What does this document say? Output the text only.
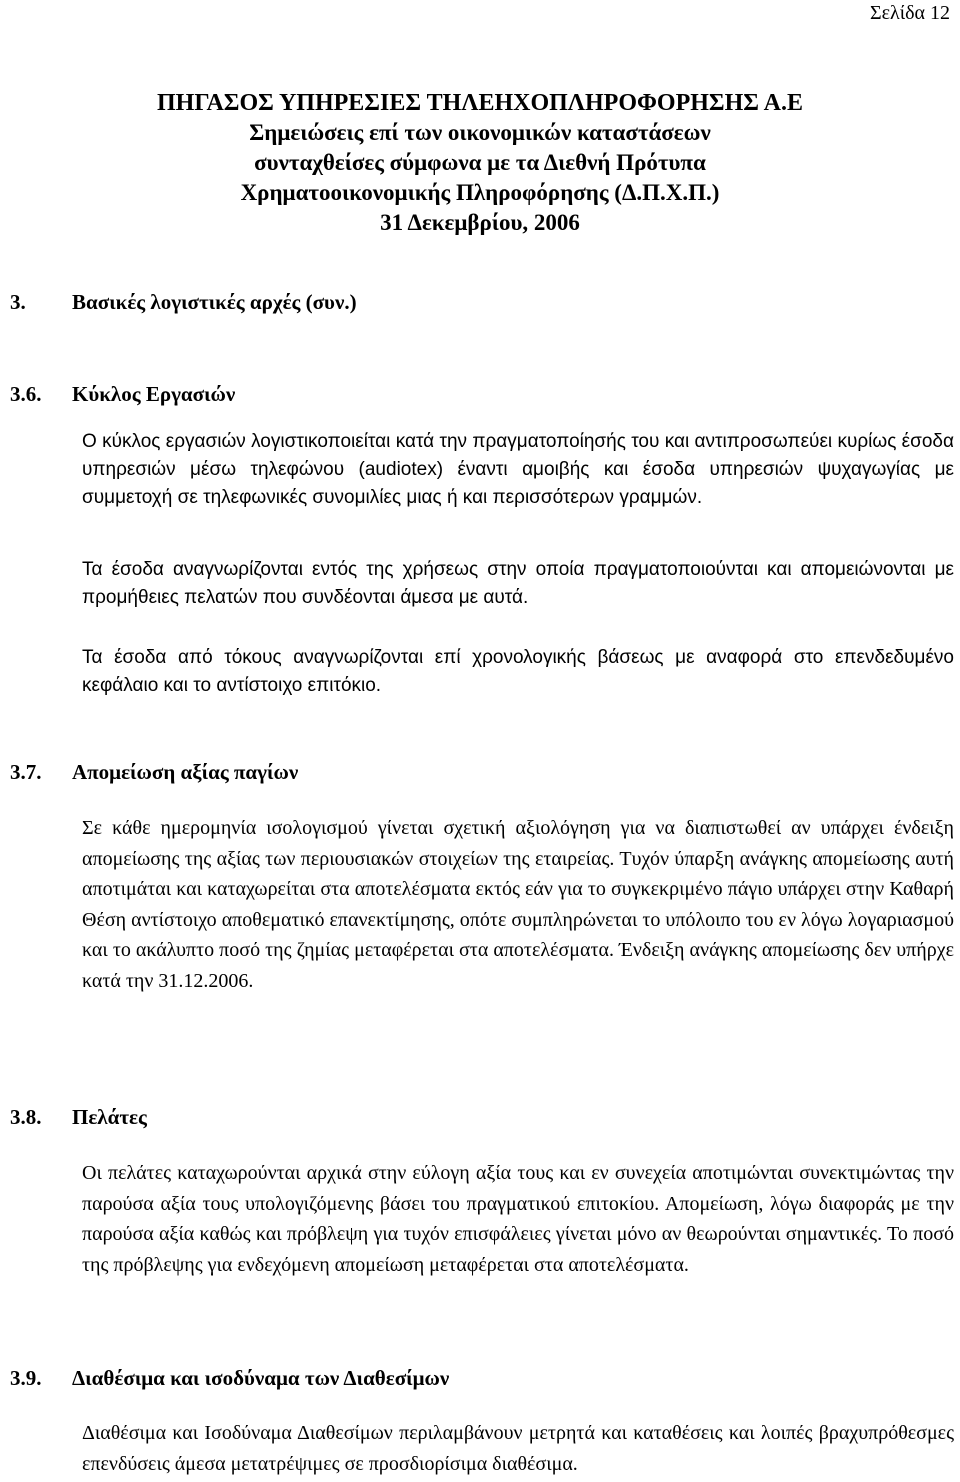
Σελίδα 12
ΠΗΓΑΣΟΣ ΥΠΗΡΕΣΙΕΣ ΤΗΛΕΗΧΟΠΛΗΡΟΦΟΡΗΣΗΣ Α.Ε
Σημειώσεις επί των οικονομικών καταστάσεων
συνταχθείσες σύμφωνα με τα Διεθνή Πρότυπα
Χρηματοοικονομικής Πληροφόρησης (Δ.Π.Χ.Π.)
31 Δεκεμβρίου, 2006
3. Βασικές λογιστικές αρχές (συν.)
3.6. Κύκλος Εργασιών

Ο κύκλος εργασιών λογιστικοποιείται κατά την πραγματοποίησής του και αντιπροσωπεύει κυρίως έσοδα υπηρεσιών μέσω τηλεφώνου (audiotex) έναντι αμοιβής και έσοδα υπηρεσιών ψυχαγωγίας με συμμετοχή σε τηλεφωνικές συνομιλίες μιας ή και περισσότερων γραμμών.

Τα έσοδα αναγνωρίζονται εντός της χρήσεως στην οποία πραγματοποιούνται και απομειώνονται με προμήθειες πελατών που συνδέονται άμεσα με αυτά.

Τα έσοδα από τόκους αναγνωρίζονται επί χρονολογικής βάσεως με αναφορά στο επενδεδυμένο κεφάλαιο και το αντίστοιχο επιτόκιο.

3.7. Απομείωση αξίας παγίων

Σε κάθε ημερομηνία ισολογισμού γίνεται σχετική αξιολόγηση για να διαπιστωθεί αν υπάρχει ένδειξη απομείωσης της αξίας των περιουσιακών στοιχείων της εταιρείας. Τυχόν ύπαρξη ανάγκης απομείωσης αυτή αποτιμάται και καταχωρείται στα αποτελέσματα εκτός εάν για το συγκεκριμένο πάγιο υπάρχει στην Καθαρή Θέση αντίστοιχο αποθεματικό επανεκτίμησης, οπότε συμπληρώνεται το υπόλοιπο του εν λόγω λογαριασμού και το ακάλυπτο ποσό της ζημίας μεταφέρεται στα αποτελέσματα. Ένδειξη ανάγκης απομείωσης δεν υπήρχε κατά την 31.12.2006.

3.8. Πελάτες

Οι πελάτες καταχωρούνται αρχικά στην εύλογη αξία τους και εν συνεχεία αποτιμώνται συνεκτιμώντας την παρούσα αξία τους υπολογιζόμενης βάσει του πραγματικού επιτοκίου. Απομείωση, λόγω διαφοράς με την παρούσα αξία καθώς και πρόβλεψη για τυχόν επισφάλειες γίνεται μόνο αν θεωρούνται σημαντικές. Το ποσό της πρόβλεψης για ενδεχόμενη απομείωση μεταφέρεται στα αποτελέσματα.

3.9. Διαθέσιμα και ισοδύναμα των Διαθεσίμων

Διαθέσιμα και Ισοδύναμα Διαθεσίμων περιλαμβάνουν μετρητά και καταθέσεις και λοιπές βραχυπρόθεσμες επενδύσεις άμεσα μετατρέψιμες σε προσδιορίσιμα διαθέσιμα.
